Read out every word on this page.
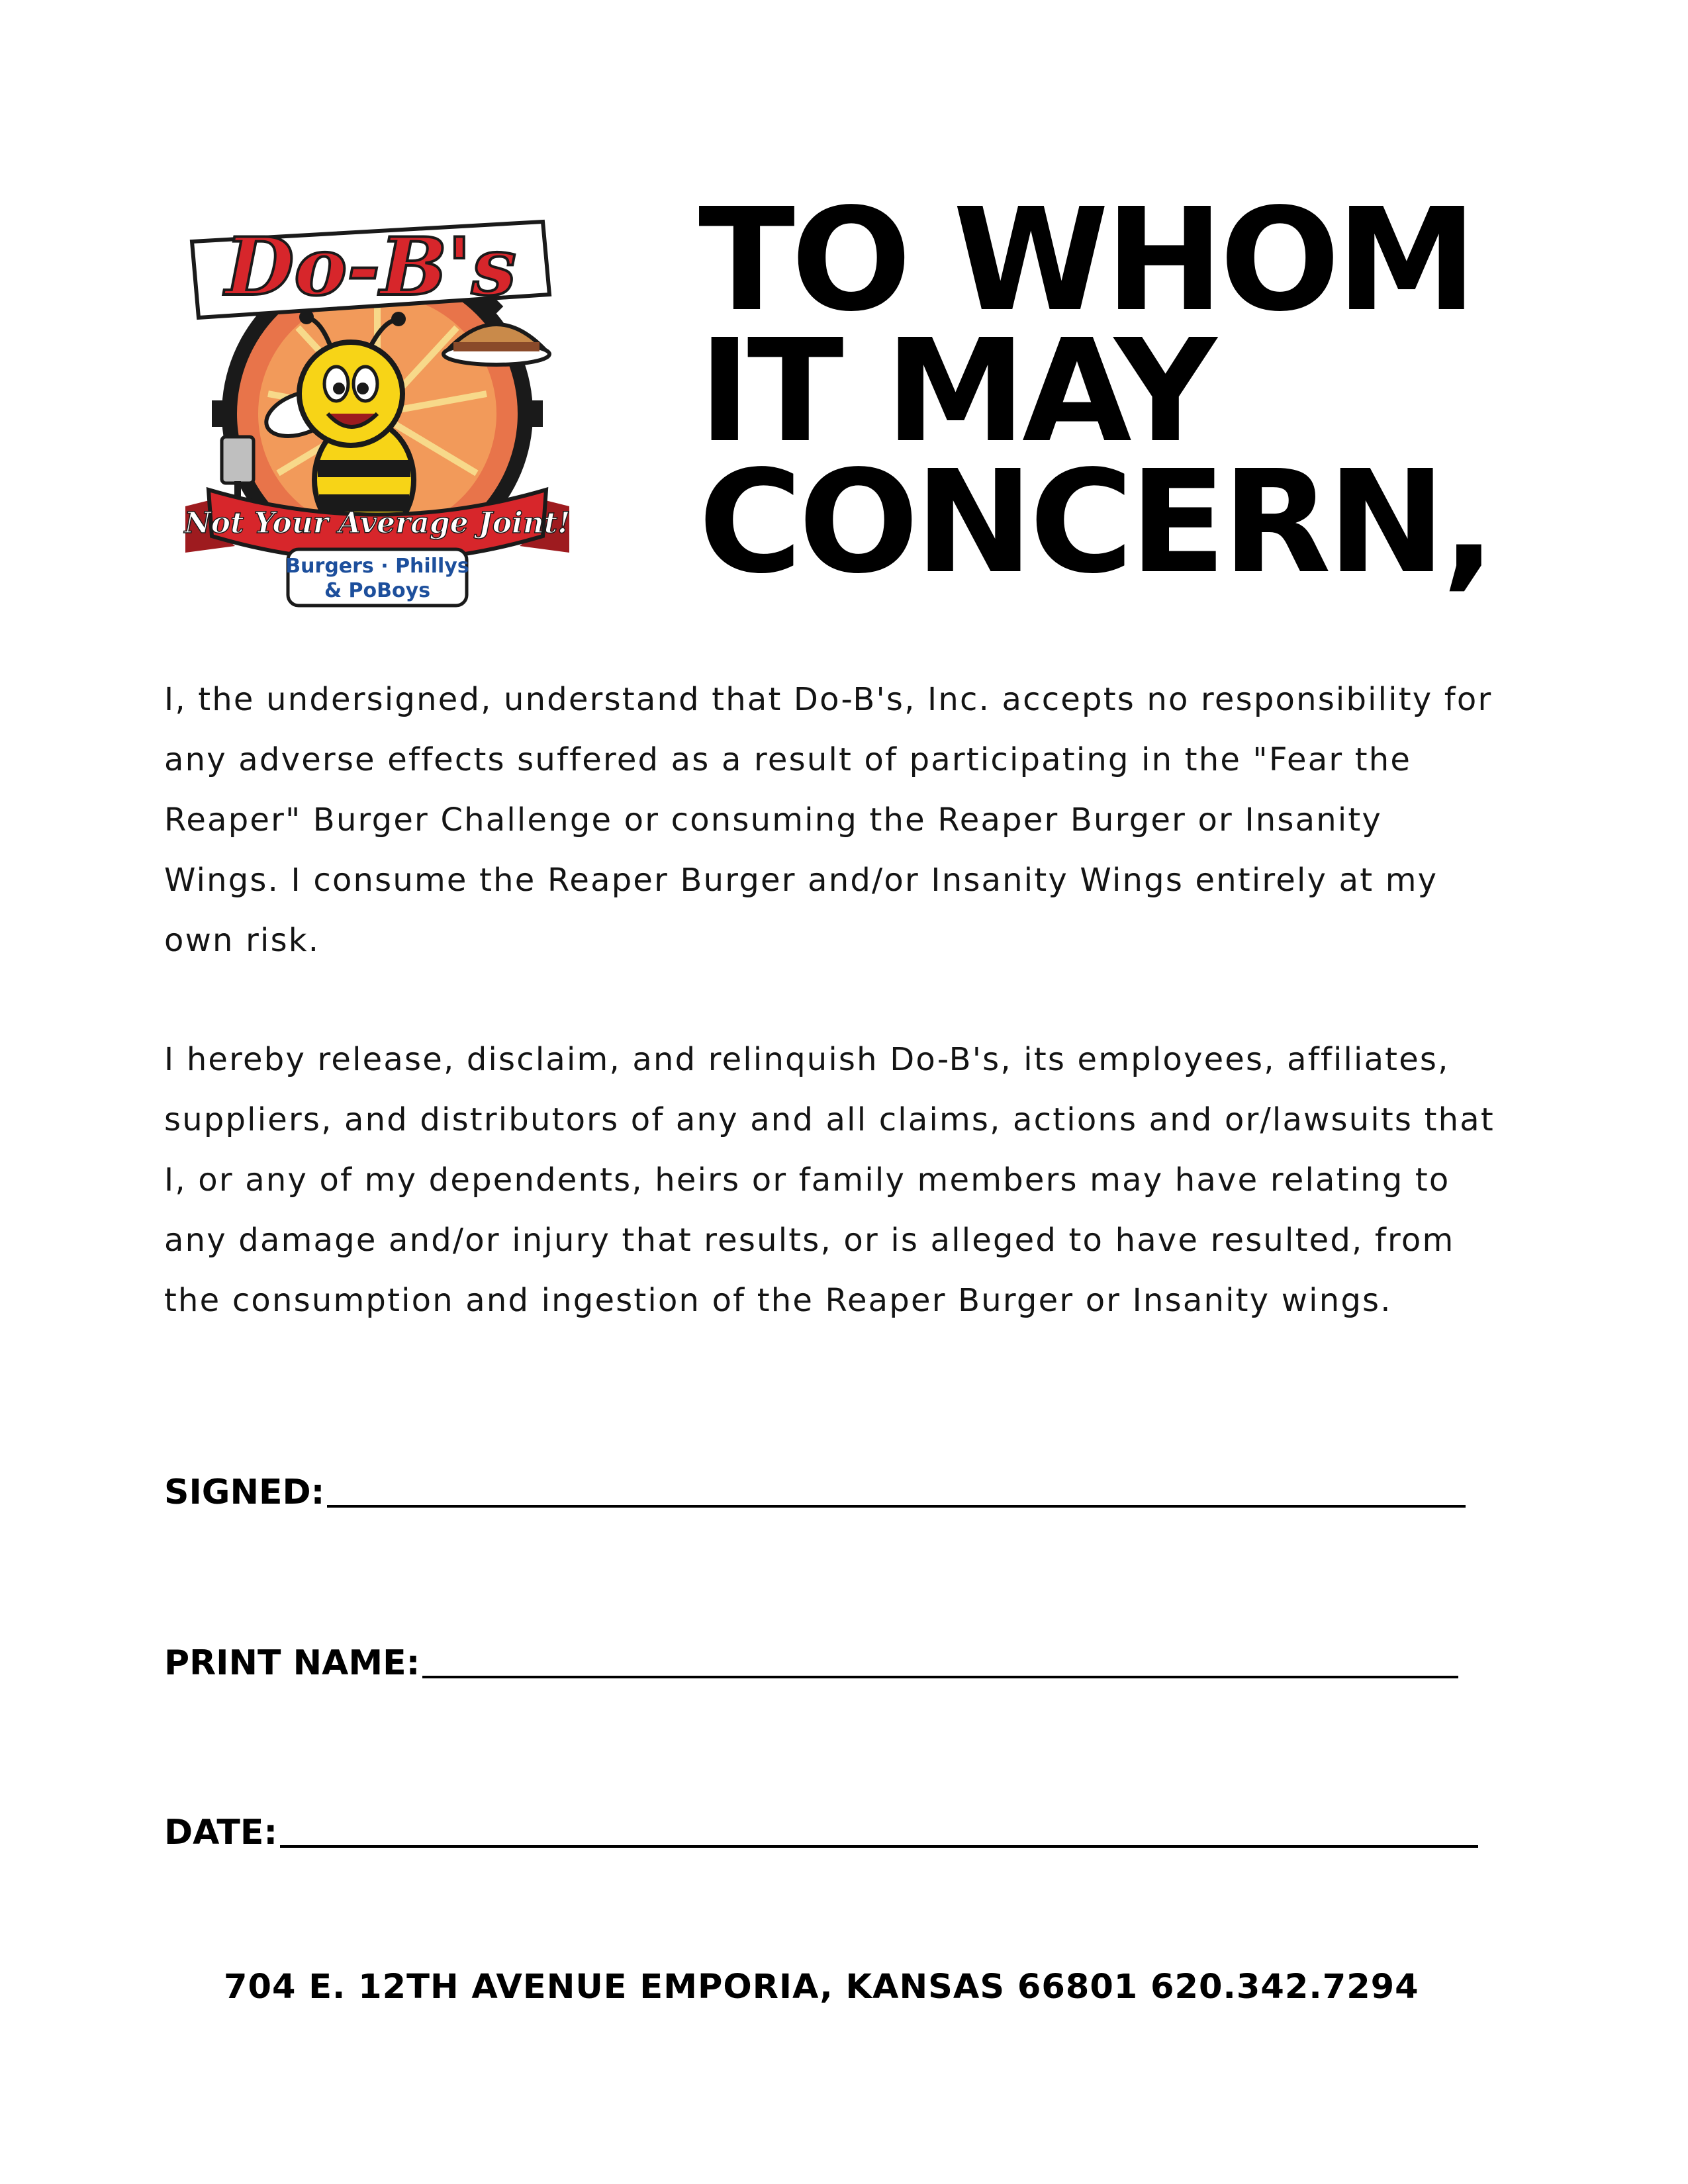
Do-B's
Not Your Average Joint!
Burgers · Phillys
& PoBoys
TO WHOM
IT MAY
CONCERN,

I, the undersigned, understand that Do-B's, Inc. accepts no responsibility for any adverse effects suffered as a result of participating in the "Fear the Reaper" Burger Challenge or consuming the Reaper Burger or Insanity Wings. I consume the Reaper Burger and/or Insanity Wings entirely at my own risk.

I hereby release, disclaim, and relinquish Do-B's, its employees, affiliates, suppliers, and distributors of any and all claims, actions and or/lawsuits that I, or any of my dependents, heirs or family members may have relating to any damage and/or injury that results, or is alleged to have resulted, from the consumption and ingestion of the Reaper Burger or Insanity wings.

SIGNED:
PRINT NAME:
DATE:
704 E. 12TH AVENUE EMPORIA, KANSAS 66801 620.342.7294
